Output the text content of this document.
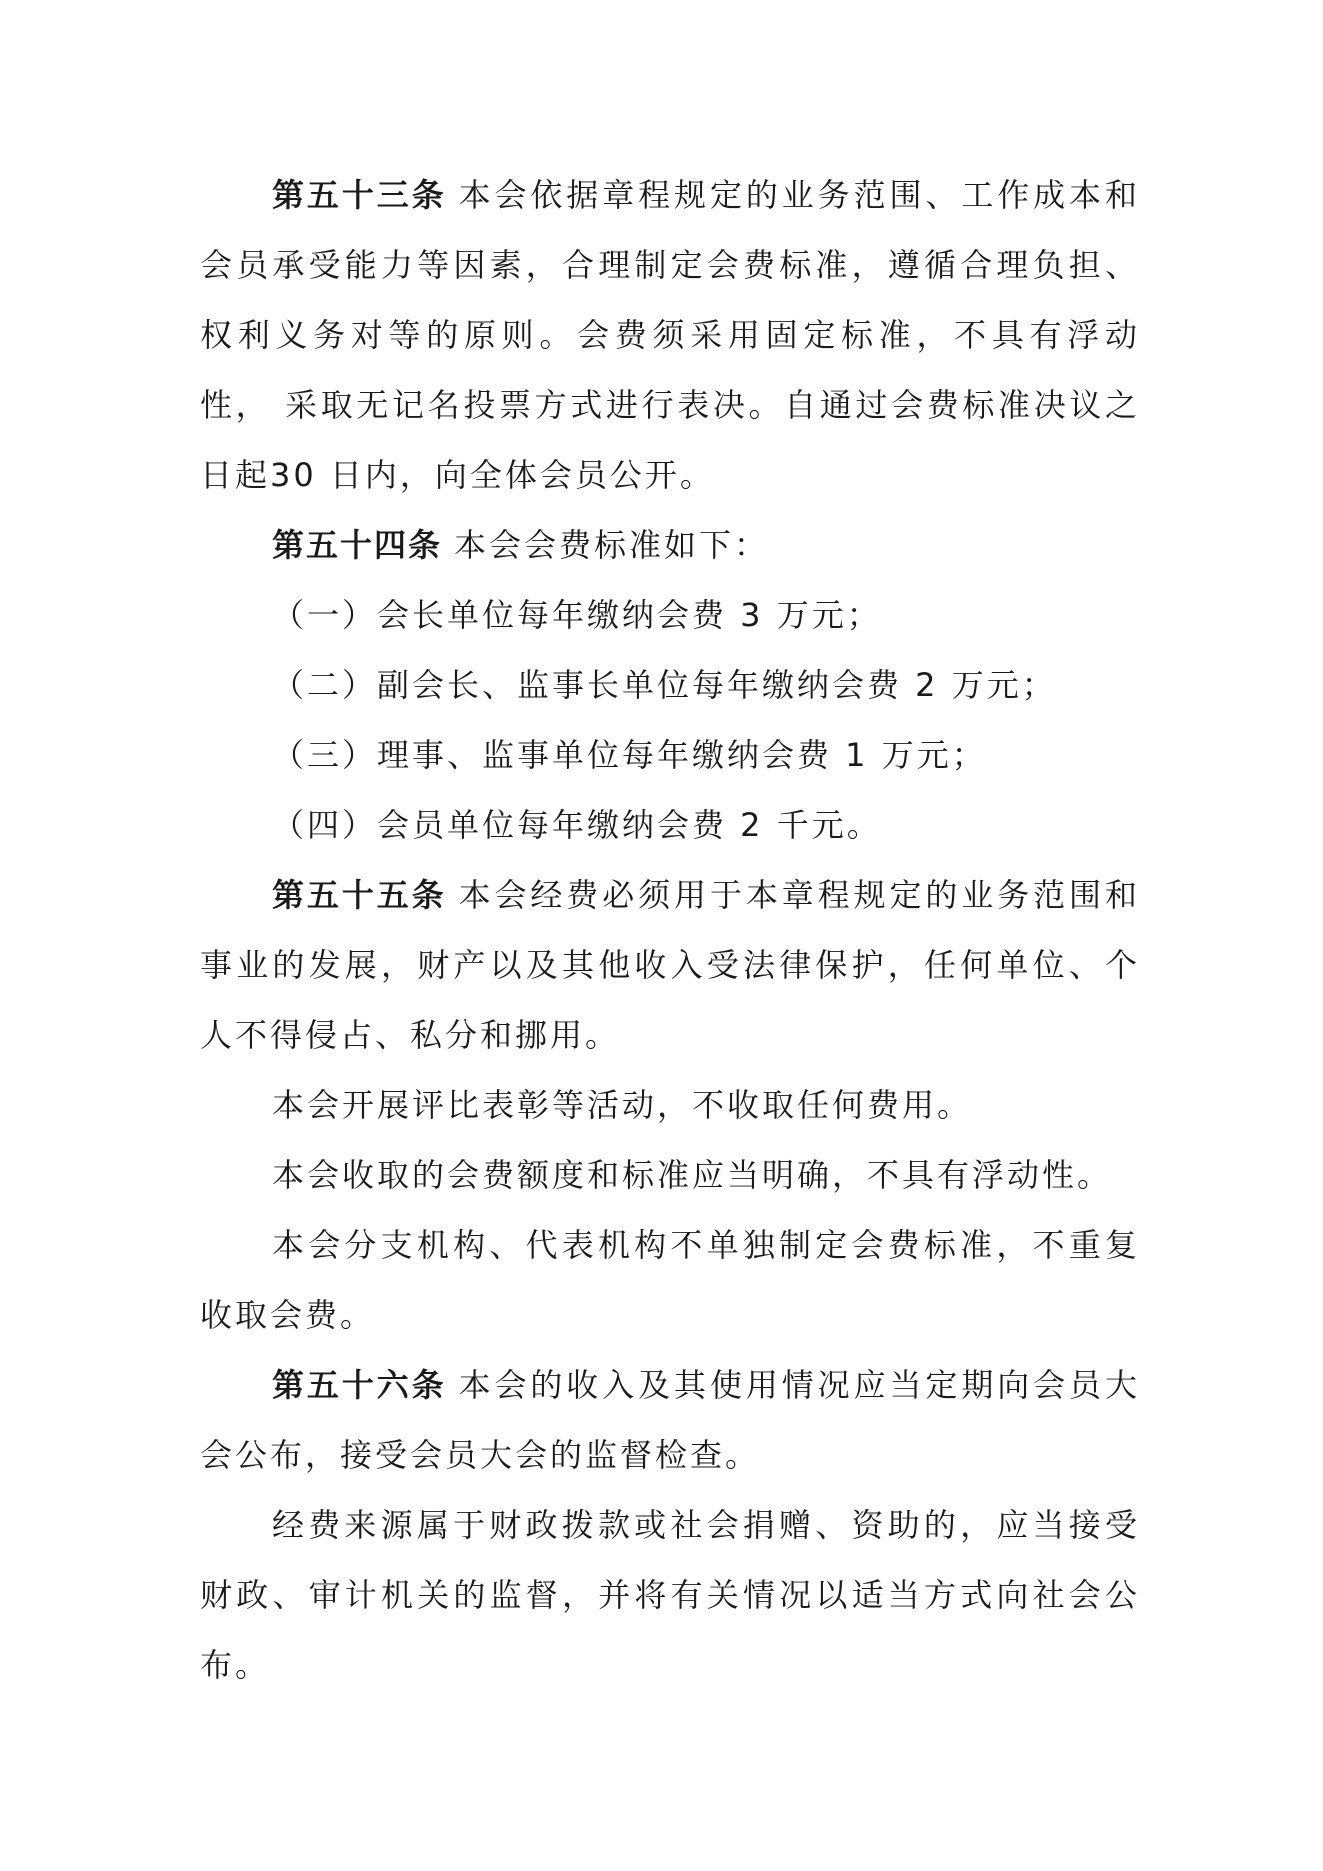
第五十三条 本会依据章程规定的业务范围、工作成本和会员承受能力等因素，合理制定会费标准，遵循合理负担、 权利义务对等的原则。会费须采用固定标准，不具有浮动性， 采取无记名投票方式进行表决。自通过会费标准决议之日起30 日内，向全体会员公开。

第五十四条 本会会费标准如下：

（一）会长单位每年缴纳会费 3 万元；

（二）副会长、监事长单位每年缴纳会费 2 万元；

（三）理事、监事单位每年缴纳会费 1 万元；

（四）会员单位每年缴纳会费 2 千元。

第五十五条 本会经费必须用于本章程规定的业务范围和事业的发展，财产以及其他收入受法律保护，任何单位、个人不得侵占、私分和挪用。

本会开展评比表彰等活动，不收取任何费用。

本会收取的会费额度和标准应当明确，不具有浮动性。

本会分支机构、代表机构不单独制定会费标准，不重复收取会费。

第五十六条 本会的收入及其使用情况应当定期向会员大会公布，接受会员大会的监督检查。

经费来源属于财政拨款或社会捐赠、资助的，应当接受财政、审计机关的监督，并将有关情况以适当方式向社会公布。
